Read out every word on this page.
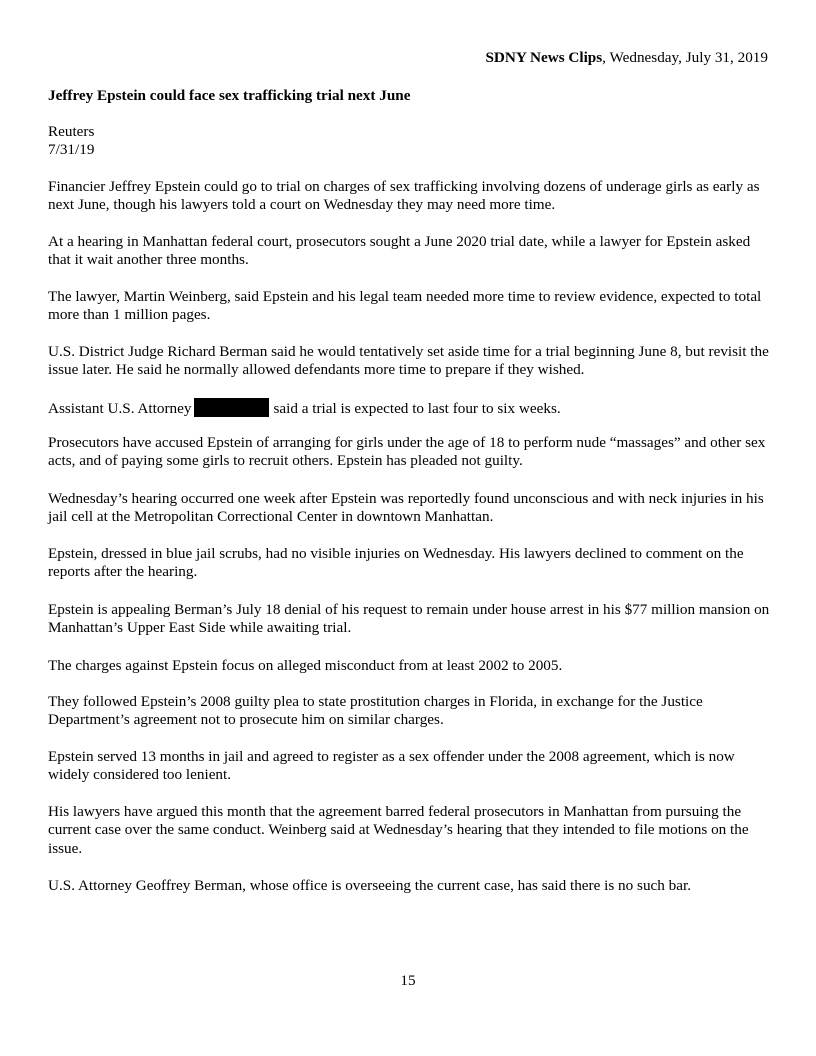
SDNY News Clips, Wednesday, July 31, 2019
Jeffrey Epstein could face sex trafficking trial next June
Reuters
7/31/19
Financier Jeffrey Epstein could go to trial on charges of sex trafficking involving dozens of underage girls as early as next June, though his lawyers told a court on Wednesday they may need more time.
At a hearing in Manhattan federal court, prosecutors sought a June 2020 trial date, while a lawyer for Epstein asked that it wait another three months.
The lawyer, Martin Weinberg, said Epstein and his legal team needed more time to review evidence, expected to total more than 1 million pages.
U.S. District Judge Richard Berman said he would tentatively set aside time for a trial beginning June 8, but revisit the issue later. He said he normally allowed defendants more time to prepare if they wished.
Assistant U.S. Attorney	said a trial is expected to last four to six weeks.
Prosecutors have accused Epstein of arranging for girls under the age of 18 to perform nude “massages” and other sex acts, and of paying some girls to recruit others. Epstein has pleaded not guilty.
Wednesday’s hearing occurred one week after Epstein was reportedly found unconscious and with neck injuries in his jail cell at the Metropolitan Correctional Center in downtown Manhattan.
Epstein, dressed in blue jail scrubs, had no visible injuries on Wednesday. His lawyers declined to comment on the reports after the hearing.
Epstein is appealing Berman’s July 18 denial of his request to remain under house arrest in his $77 million mansion on Manhattan’s Upper East Side while awaiting trial.
The charges against Epstein focus on alleged misconduct from at least 2002 to 2005.
They followed Epstein’s 2008 guilty plea to state prostitution charges in Florida, in exchange for the Justice Department’s agreement not to prosecute him on similar charges.
Epstein served 13 months in jail and agreed to register as a sex offender under the 2008 agreement, which is now widely considered too lenient.
His lawyers have argued this month that the agreement barred federal prosecutors in Manhattan from pursuing the current case over the same conduct. Weinberg said at Wednesday’s hearing that they intended to file motions on the issue.
U.S. Attorney Geoffrey Berman, whose office is overseeing the current case, has said there is no such bar.
15
